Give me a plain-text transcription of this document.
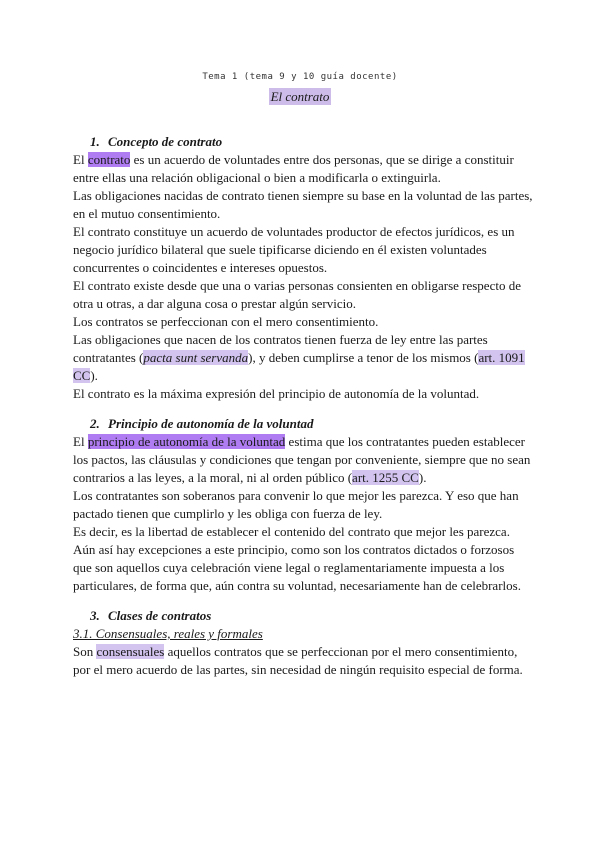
Tema 1 (tema 9 y 10 guía docente)
El contrato

1. Concepto de contrato

El contrato es un acuerdo de voluntades entre dos personas, que se dirige a constituir entre ellas una relación obligacional o bien a modificarla o extinguirla.

Las obligaciones nacidas de contrato tienen siempre su base en la voluntad de las partes, en el mutuo consentimiento.

El contrato constituye un acuerdo de voluntades productor de efectos jurídicos, es un negocio jurídico bilateral que suele tipificarse diciendo en él existen voluntades concurrentes o coincidentes e intereses opuestos.

El contrato existe desde que una o varias personas consienten en obligarse respecto de otra u otras, a dar alguna cosa o prestar algún servicio.

Los contratos se perfeccionan con el mero consentimiento.

Las obligaciones que nacen de los contratos tienen fuerza de ley entre las partes contratantes (pacta sunt servanda), y deben cumplirse a tenor de los mismos (art. 1091 CC).

El contrato es la máxima expresión del principio de autonomía de la voluntad.

2. Principio de autonomía de la voluntad

El principio de autonomía de la voluntad estima que los contratantes pueden establecer los pactos, las cláusulas y condiciones que tengan por conveniente, siempre que no sean contrarios a las leyes, a la moral, ni al orden público (art. 1255 CC).

Los contratantes son soberanos para convenir lo que mejor les parezca. Y eso que han pactado tienen que cumplirlo y les obliga con fuerza de ley.

Es decir, es la libertad de establecer el contenido del contrato que mejor les parezca.

Aún así hay excepciones a este principio, como son los contratos dictados o forzosos que son aquellos cuya celebración viene legal o reglamentariamente impuesta a los particulares, de forma que, aún contra su voluntad, necesariamente han de celebrarlos.

3. Clases de contratos

3.1. Consensuales, reales y formales

Son consensuales aquellos contratos que se perfeccionan por el mero consentimiento, por el mero acuerdo de las partes, sin necesidad de ningún requisito especial de forma.
